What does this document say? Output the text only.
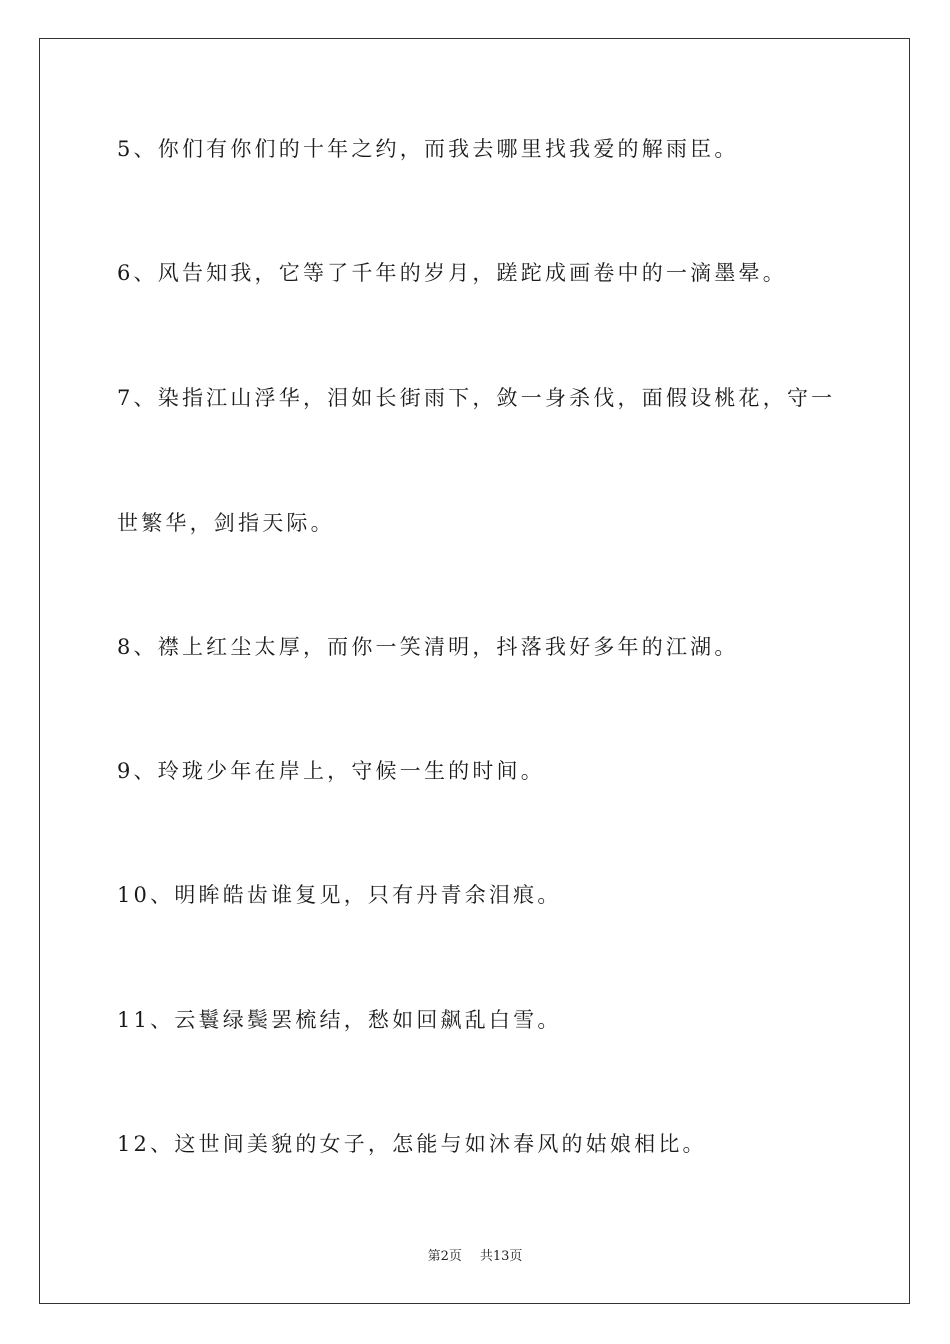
5、你们有你们的十年之约，而我去哪里找我爱的解雨臣。
6、风告知我，它等了千年的岁月，蹉跎成画卷中的一滴墨晕。
7、染指江山浮华，泪如长街雨下，敛一身杀伐，面假设桃花，守一
世繁华，剑指天际。
8、襟上红尘太厚，而你一笑清明，抖落我好多年的江湖。
9、玲珑少年在岸上，守候一生的时间。
10、明眸皓齿谁复见，只有丹青余泪痕。
11、云鬟绿鬓罢梳结，愁如回飙乱白雪。
12、这世间美貌的女子，怎能与如沐春风的姑娘相比。
第2页 共13页
